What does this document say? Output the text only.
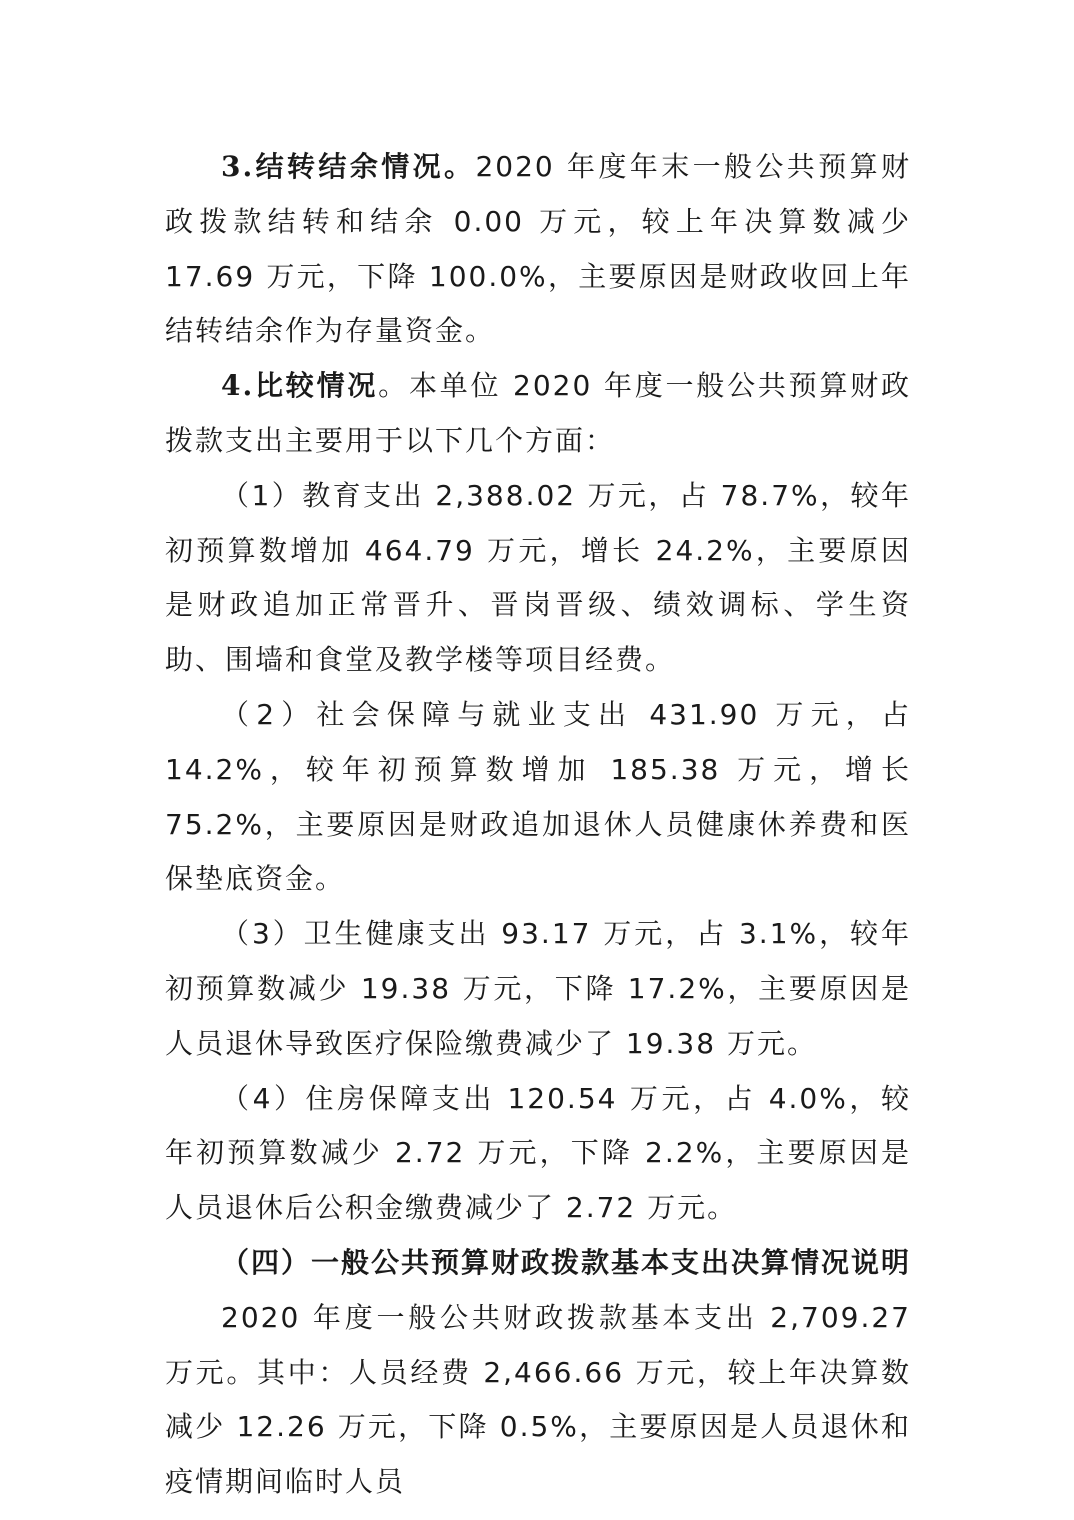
3.结转结余情况。2020 年度年末一般公共预算财政拨款结转和结余 0.00 万元，较上年决算数减少 17.69 万元，下降 100.0%，主要原因是财政收回上年结转结余作为存量资金。

4.比较情况。本单位 2020 年度一般公共预算财政拨款支出主要用于以下几个方面：

（1）教育支出 2,388.02 万元，占 78.7%，较年初预算数增加 464.79 万元，增长 24.2%，主要原因是财政追加正常晋升、晋岗晋级、绩效调标、学生资助、围墙和食堂及教学楼等项目经费。

（2）社会保障与就业支出 431.90 万元，占 14.2%，较年初预算数增加 185.38 万元，增长 75.2%，主要原因是财政追加退休人员健康休养费和医保垫底资金。

（3）卫生健康支出 93.17 万元，占 3.1%，较年初预算数减少 19.38 万元，下降 17.2%，主要原因是人员退休导致医疗保险缴费减少了 19.38 万元。

（4）住房保障支出 120.54 万元，占 4.0%，较年初预算数减少 2.72 万元，下降 2.2%，主要原因是人员退休后公积金缴费减少了 2.72 万元。

（四）一般公共预算财政拨款基本支出决算情况说明

2020 年度一般公共财政拨款基本支出 2,709.27 万元。其中：人员经费 2,466.66 万元，较上年决算数减少 12.26 万元，下降 0.5%，主要原因是人员退休和疫情期间临时人员
